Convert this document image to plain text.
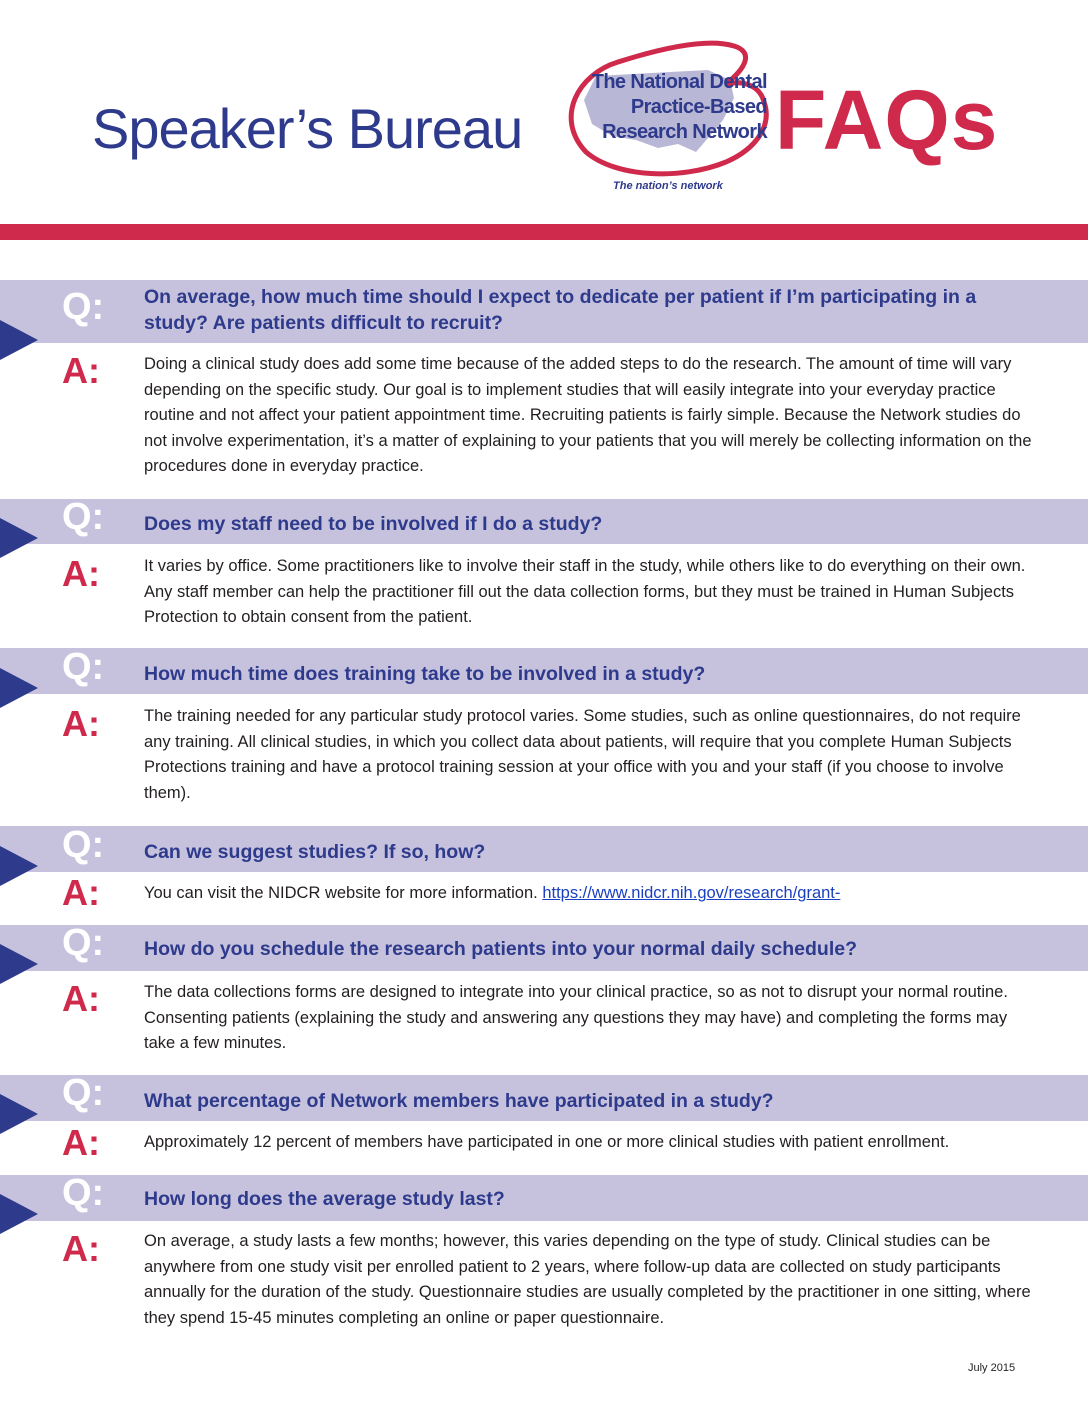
Speaker’s Bureau
The National Dental
Practice-Based
Research Network
The nation’s network
FAQs
Q: On average, how much time should I expect to dedicate per patient if I’m participating in a study? Are patients difficult to recruit?
A:	Doing a clinical study does add some time because of the added steps to do the research. The amount of time will vary depending on the specific study. Our goal is to implement studies that will easily integrate into your everyday practice routine and not affect your patient appointment time. Recruiting patients is fairly simple. Because the Network studies do not involve experimentation, it’s a matter of explaining to your patients that you will merely be collecting information on the procedures done in everyday practice.
Q: Does my staff need to be involved if I do a study?
A:	It varies by office. Some practitioners like to involve their staff in the study, while others like to do everything on their own. Any staff member can help the practitioner fill out the data collection forms, but they must be trained in Human Subjects Protection to obtain consent from the patient.
Q: How much time does training take to be involved in a study?
A:	The training needed for any particular study protocol varies. Some studies, such as online questionnaires, do not require any training. All clinical studies, in which you collect data about patients, will require that you complete Human Subjects Protections training and have a protocol training session at your office with you and your staff (if you choose to involve them).
Q: Can we suggest studies? If so, how?
A:	You can visit the NIDCR website for more information. https://www.nidcr.nih.gov/research/grant-
Q: How do you schedule the research patients into your normal daily schedule?
A:	The data collections forms are designed to integrate into your clinical practice, so as not to disrupt your normal routine. Consenting patients (explaining the study and answering any questions they may have) and completing the forms may take a few minutes.
Q: What percentage of Network members have participated in a study?
A:	Approximately 12 percent of members have participated in one or more clinical studies with patient enrollment.
Q: How long does the average study last?
A:	On average, a study lasts a few months; however, this varies depending on the type of study. Clinical studies can be anywhere from one study visit per enrolled patient to 2 years, where follow-up data are collected on study participants annually for the duration of the study. Questionnaire studies are usually completed by the practitioner in one sitting, where they spend 15-45 minutes completing an online or paper questionnaire.
July 2015
